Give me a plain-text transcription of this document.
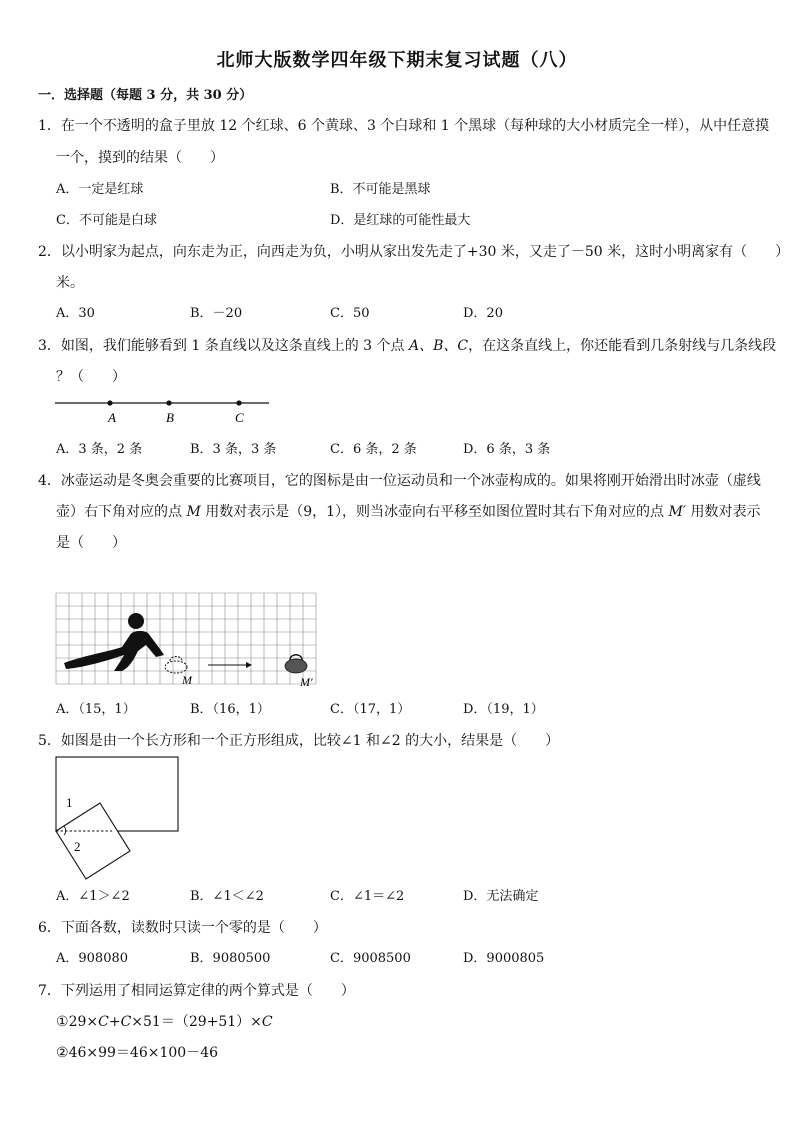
北师大版数学四年级下期末复习试题（八）
一．选择题（每题 3 分，共 30 分）
1．在一个不透明的盒子里放 12 个红球、6 个黄球、3 个白球和 1 个黑球（每种球的大小材质完全一样），从中任意摸
一个，摸到的结果（　　）
A．一定是红球	B．不可能是黑球
C．不可能是白球	D．是红球的可能性最大
2．以小明家为起点，向东走为正，向西走为负，小明从家出发先走了+30 米，又走了－50 米，这时小明离家有（　　）
米。
A．30	B．－20	C．50	D．20
3．如图，我们能够看到 1 条直线以及这条直线上的 3 个点 A、B、C，在这条直线上，你还能看到几条射线与几条线段
？（　　）
A	B	C
A．3 条，2 条	B．3 条，3 条	C．6 条，2 条	D．6 条，3 条
4．冰壶运动是冬奥会重要的比赛项目，它的图标是由一位运动员和一个冰壶构成的。如果将刚开始滑出时冰壶（虚线
壶）右下角对应的点 M 用数对表示是（9，1），则当冰壶向右平移至如图位置时其右下角对应的点 M′ 用数对表示
是（　　）
M	M′
A．（15，1）	B．（16，1）	C．（17，1）	D．（19，1）
5．如图是由一个长方形和一个正方形组成，比较∠1 和∠2 的大小，结果是（　　）
1
2
A．∠1＞∠2	B．∠1＜∠2	C．∠1＝∠2	D．无法确定
6．下面各数，读数时只读一个零的是（　　）
A．908080	B．9080500	C．9008500	D．9000805
7．下列运用了相同运算定律的两个算式是（　　）
①29×C+C×51＝（29+51）×C
②46×99＝46×100－46
